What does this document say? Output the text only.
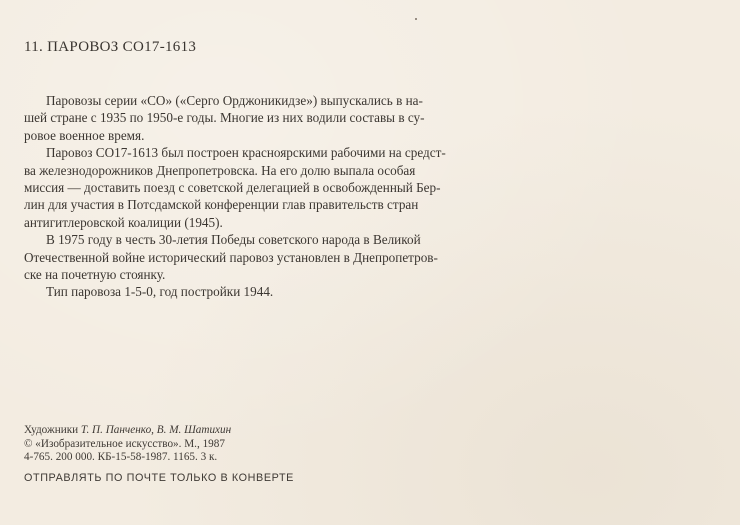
11. ПАРОВОЗ СО17-1613
Паровозы серии «СО» («Серго Орджоникидзе») выпускались в на-
шей стране с 1935 по 1950-е годы. Многие из них водили составы в су-
ровое военное время.
Паровоз СО17-1613 был построен красноярскими рабочими на средст-
ва железнодорожников Днепропетровска. На его долю выпала особая
миссия — доставить поезд с советской делегацией в освобожденный Бер-
лин для участия в Потсдамской конференции глав правительств стран
антигитлеровской коалиции (1945).
В 1975 году в честь 30-летия Победы советского народа в Великой
Отечественной войне исторический паровоз установлен в Днепропетров-
ске на почетную стоянку.
Тип паровоза 1-5-0, год постройки 1944.
Художники Т. П. Панченко, В. М. Шатихин
© «Изобразительное искусство». М., 1987
4-765. 200 000. КБ-15-58-1987. 1165. 3 к.
ОТПРАВЛЯТЬ ПО ПОЧТЕ ТОЛЬКО В КОНВЕРТЕ
